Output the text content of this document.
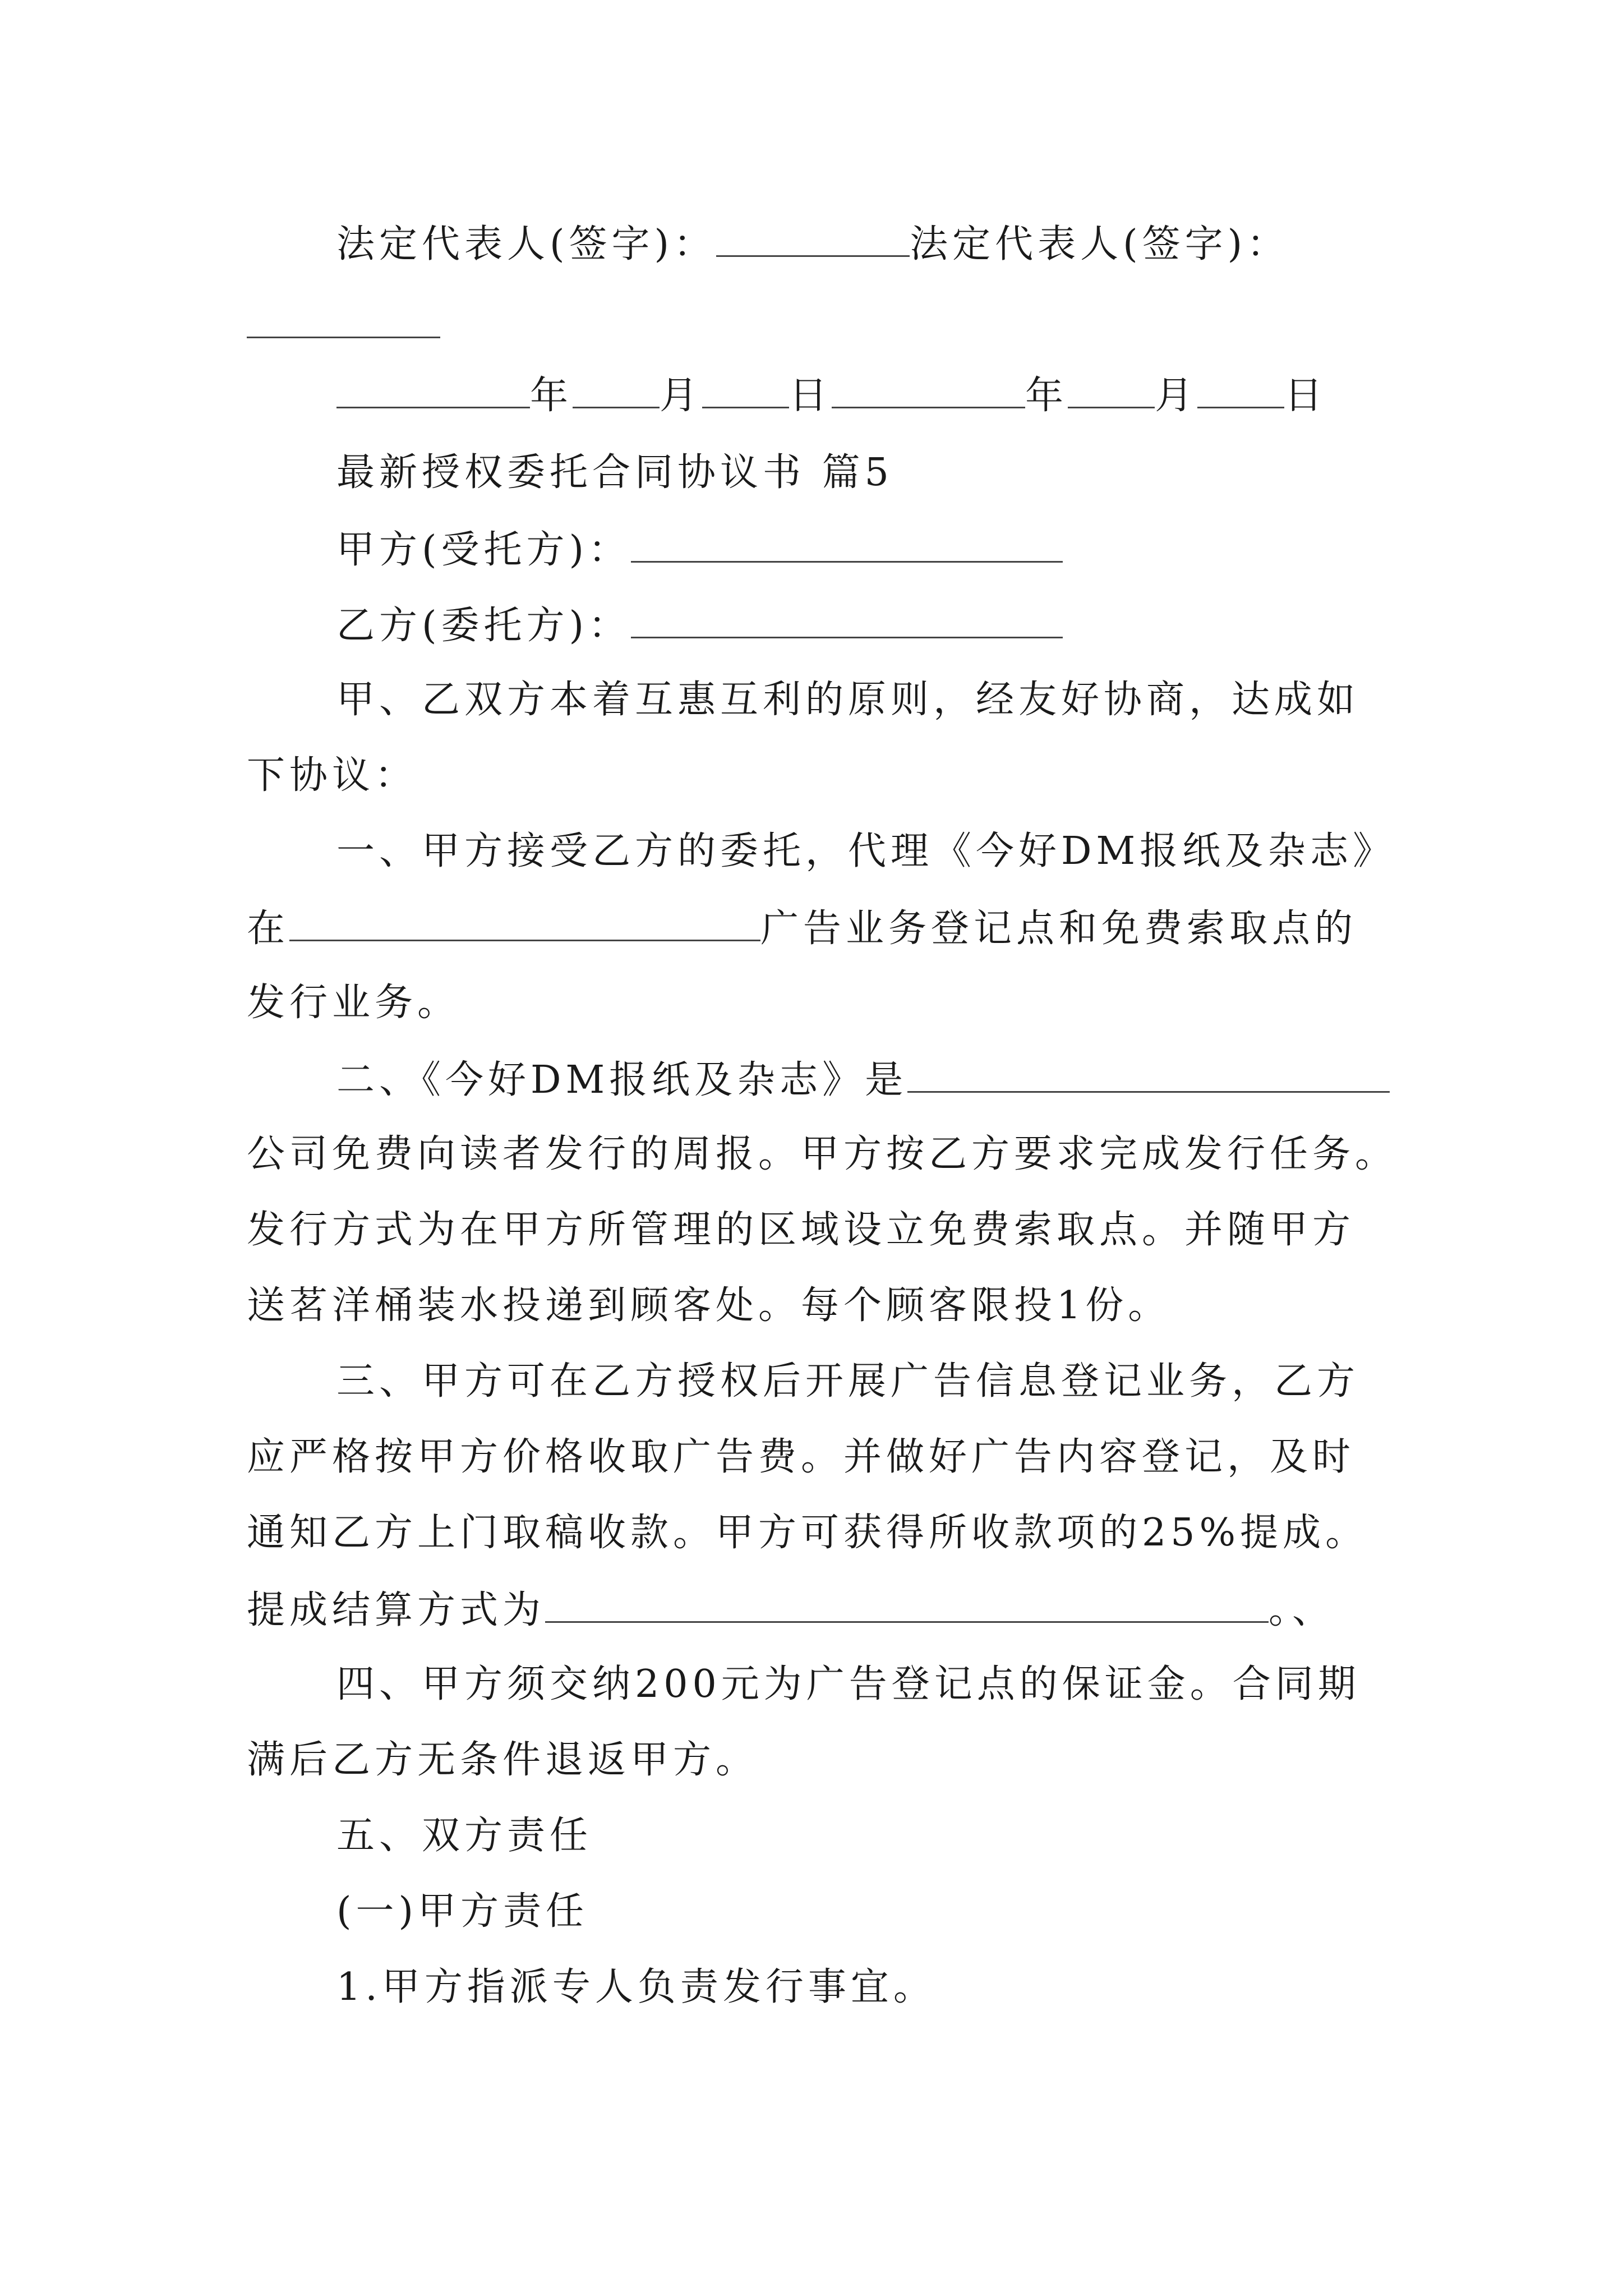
法定代表人(签字)：	法定代表人(签字)：
年 月 日	年 月 日
最新授权委托合同协议书 篇5
甲方(受托方)：
乙方(委托方)：
甲、乙双方本着互惠互利的原则，经友好协商，达成如
下协议：
一、甲方接受乙方的委托，代理《今好DM报纸及杂志》
在	广告业务登记点和免费索取点的
发行业务。
二、《今好DM报纸及杂志》是
公司免费向读者发行的周报。甲方按乙方要求完成发行任务。
发行方式为在甲方所管理的区域设立免费索取点。并随甲方
送茗洋桶装水投递到顾客处。每个顾客限投1份。
三、甲方可在乙方授权后开展广告信息登记业务，乙方
应严格按甲方价格收取广告费。并做好广告内容登记，及时
通知乙方上门取稿收款。甲方可获得所收款项的25%提成。
提成结算方式为	。、
四、甲方须交纳200元为广告登记点的保证金。合同期
满后乙方无条件退返甲方。
五、双方责任
(一)甲方责任
1.甲方指派专人负责发行事宜。
